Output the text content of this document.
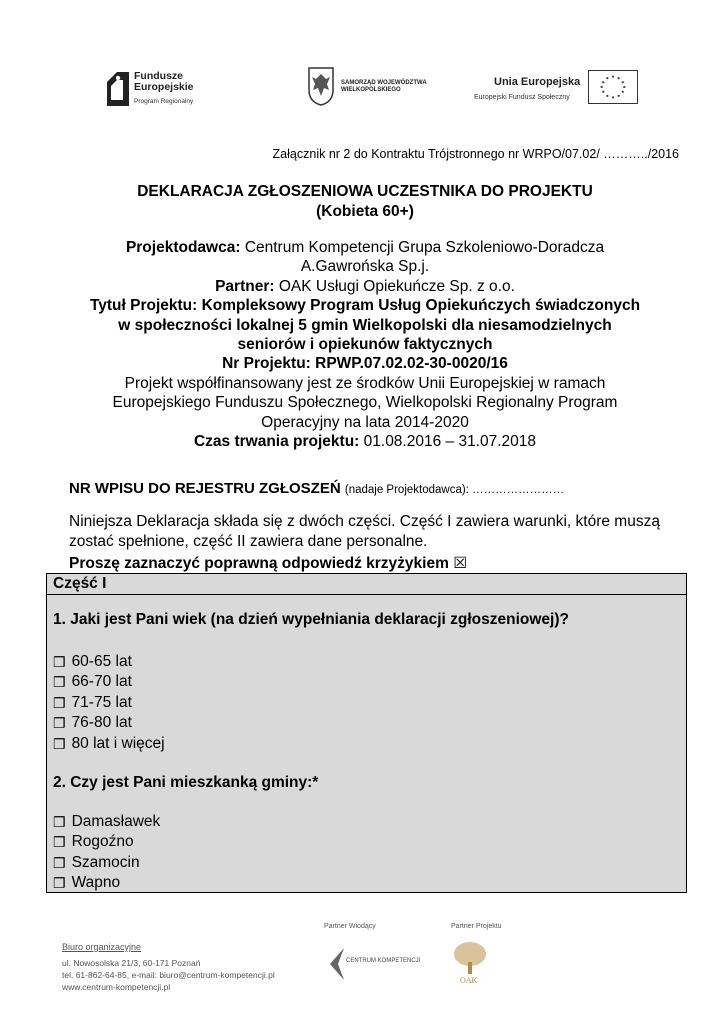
Fundusze
Europejskie
Program Regionalny
SAMORZĄD WOJEWÓDZTWA
WIELKOPOLSKIEGO
Unia Europejska
Europejski Fundusz Społeczny
Załącznik nr 2 do Kontraktu Trójstronnego nr WRPO/07.02/ ………../2016
DEKLARACJA ZGŁOSZENIOWA UCZESTNIKA DO PROJEKTU
(Kobieta 60+)
Projektodawca: Centrum Kompetencji Grupa Szkoleniowo-Doradcza
A.Gawrońska Sp.j.
Partner: OAK Usługi Opiekuńcze Sp. z o.o.
Tytuł Projektu: Kompleksowy Program Usług Opiekuńczych świadczonych
w społeczności lokalnej 5 gmin Wielkopolski dla niesamodzielnych
seniorów i opiekunów faktycznych
Nr Projektu: RPWP.07.02.02-30-0020/16
Projekt współfinansowany jest ze środków Unii Europejskiej w ramach
Europejskiego Funduszu Społecznego, Wielkopolski Regionalny Program
Operacyjny na lata 2014-2020
Czas trwania projektu: 01.08.2016 – 31.07.2018
NR WPISU DO REJESTRU ZGŁOSZEŃ (nadaje Projektodawca): ……………………
Niniejsza Deklaracja składa się z dwóch części. Część I zawiera warunki, które muszą zostać spełnione, część II zawiera dane personalne.
Proszę zaznaczyć poprawną odpowiedź krzyżykiem ☒
Część I
1. Jaki jest Pani wiek (na dzień wypełniania deklaracji zgłoszeniowej)?
❒ 60-65 lat
❒ 66-70 lat
❒ 71-75 lat
❒ 76-80 lat
❒ 80 lat i więcej
2. Czy jest Pani mieszkanką gminy:*
❒ Damasławek
❒ Rogoźno
❒ Szamocin
❒ Wapno
Biuro organizacyjne
ul. Nowosolska 21/3, 60-171 Poznań
tel. 61-862-64-85, e-mail: biuro@centrum-kompetencji.pl
www.centrum-kompetencji.pl
Partner Wiodący	Partner Projektu
CENTRUM KOMPETENCJI
OAK
